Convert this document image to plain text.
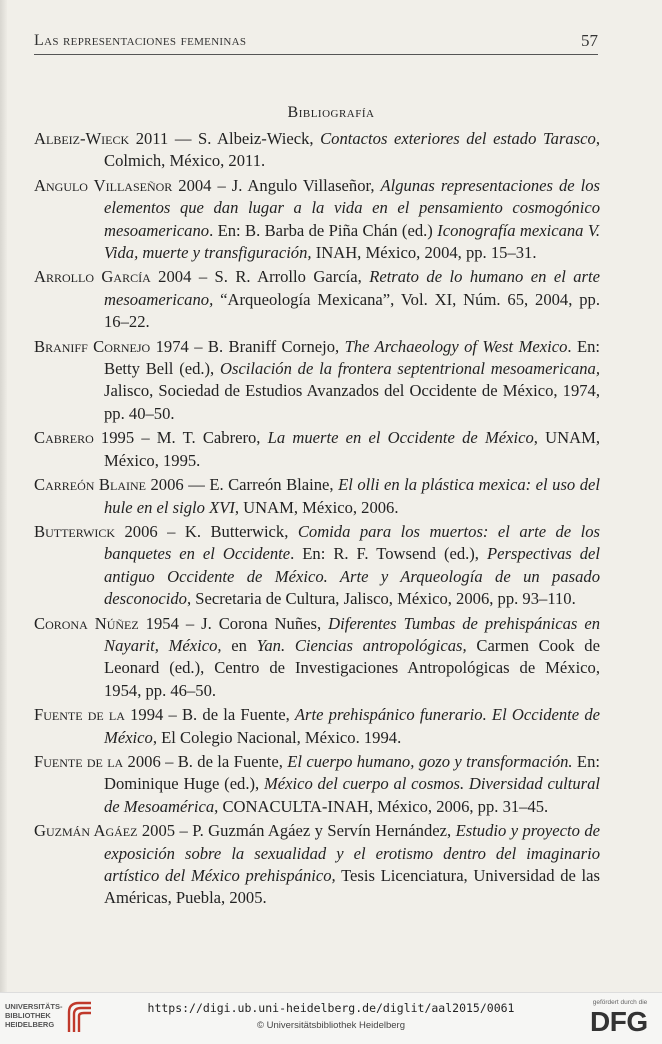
Las representaciones femeninas	57
Bibliografía
Albeiz-Wieck 2011 — S. Albeiz-Wieck, Contactos exteriores del estado Tarasco, Colmich, México, 2011.
Angulo Villaseñor 2004 – J. Angulo Villaseñor, Algunas representaciones de los elementos que dan lugar a la vida en el pensamiento cosmogónico mesoamericano. En: B. Barba de Piña Chán (ed.) Iconografía mexicana V. Vida, muerte y transfiguración, INAH, México, 2004, pp. 15–31.
Arrollo García 2004 – S. R. Arrollo García, Retrato de lo humano en el arte mesoamericano, “Arqueología Mexicana”, Vol. XI, Núm. 65, 2004, pp. 16–22.
Braniff Cornejo 1974 – B. Braniff Cornejo, The Archaeology of West Mexico. En: Betty Bell (ed.), Oscilación de la frontera septentrional mesoamericana, Jalisco, Sociedad de Estudios Avanzados del Occidente de México, 1974, pp. 40–50.
Cabrero 1995 – M. T. Cabrero, La muerte en el Occidente de México, UNAM, México, 1995.
Carreón Blaine 2006 — E. Carreón Blaine, El olli en la plástica mexica: el uso del hule en el siglo XVI, UNAM, México, 2006.
Butterwick 2006 – K. Butterwick, Comida para los muertos: el arte de los banquetes en el Occidente. En: R. F. Towsend (ed.), Perspectivas del antiguo Occidente de México. Arte y Arqueología de un pasado desconocido, Secretaria de Cultura, Jalisco, México, 2006, pp. 93–110.
Corona Núñez 1954 – J. Corona Nuñes, Diferentes Tumbas de prehispánicas en Nayarit, México, en Yan. Ciencias antropológicas, Carmen Cook de Leonard (ed.), Centro de Investigaciones Antropológicas de México, 1954, pp. 46–50.
Fuente de la 1994 – B. de la Fuente, Arte prehispánico funerario. El Occidente de México, El Colegio Nacional, México. 1994.
Fuente de la 2006 – B. de la Fuente, El cuerpo humano, gozo y transformación. En: Dominique Huge (ed.), México del cuerpo al cosmos. Diversidad cultural de Mesoamérica, CONACULTA-INAH, México, 2006, pp. 31–45.
Guzmán Agáez 2005 – P. Guzmán Agáez y Servín Hernández, Estudio y proyecto de exposición sobre la sexualidad y el erotismo dentro del imaginario artístico del México prehispánico, Tesis Licenciatura, Universidad de las Américas, Puebla, 2005.
UNIVERSITÄTS-
BIBLIOTHEK
HEIDELBERG
https://digi.ub.uni-heidelberg.de/diglit/aal2015/0061
© Universitätsbibliothek Heidelberg
gefördert durch die
DFG
